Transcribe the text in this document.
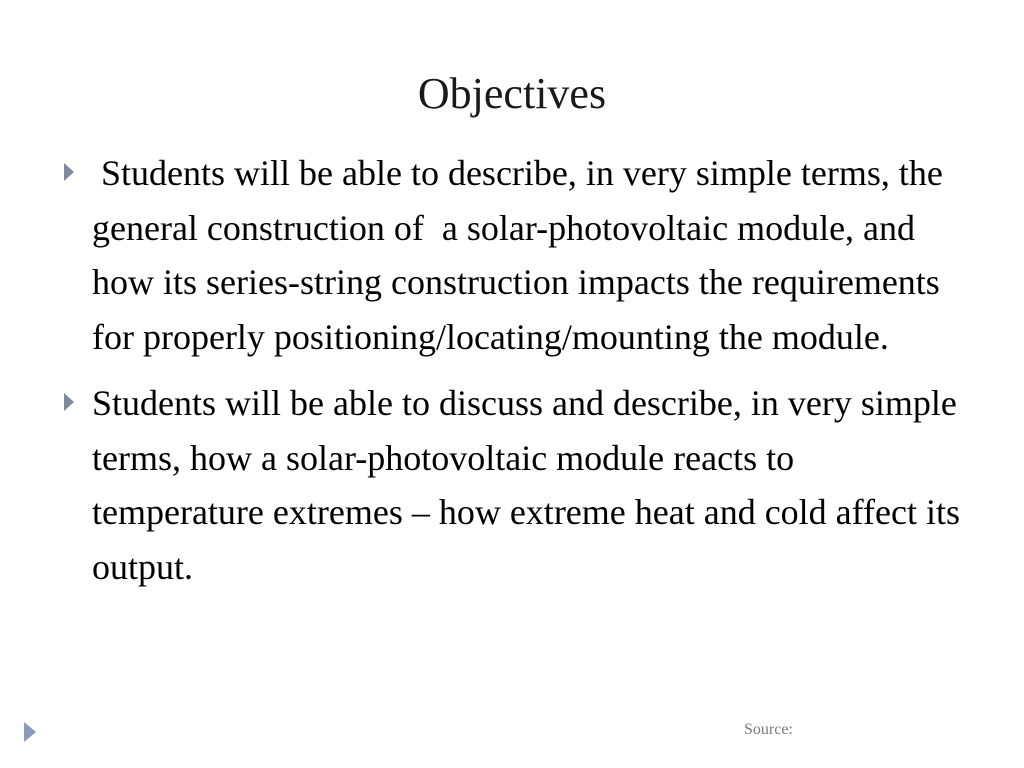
Objectives
Students will be able to describe, in very simple terms, the general construction of  a solar-photovoltaic module, and how its series-string construction impacts the requirements for properly positioning/locating/mounting the module.
Students will be able to discuss and describe, in very simple terms, how a solar-photovoltaic module reacts to temperature extremes – how extreme heat and cold affect its output.
Source:
